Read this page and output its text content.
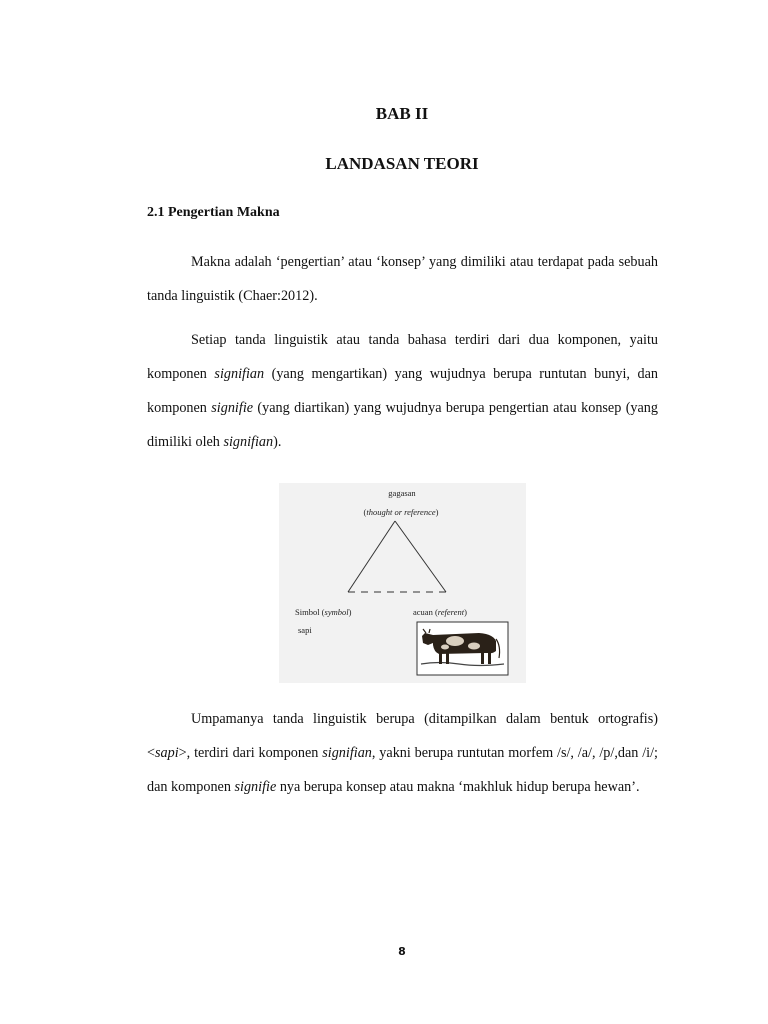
BAB II
LANDASAN TEORI
2.1 Pengertian Makna
Makna adalah ‘pengertian’ atau ‘konsep’ yang dimiliki atau terdapat pada sebuah tanda linguistik (Chaer:2012).
Setiap tanda linguistik atau tanda bahasa terdiri dari dua komponen, yaitu komponen signifian (yang mengartikan) yang wujudnya berupa runtutan bunyi, dan komponen signifie (yang diartikan) yang wujudnya berupa pengertian atau konsep (yang dimiliki oleh signifian).
gagasan
(thought or reference)
Simbol (symbol)
sapi
acuan (referent)
Umpamanya tanda linguistik berupa (ditampilkan dalam bentuk ortografis) <sapi>, terdiri dari komponen signifian, yakni berupa runtutan morfem /s/, /a/, /p/,dan /i/; dan komponen signifie nya berupa konsep atau makna ‘makhluk hidup berupa hewan’.
8
